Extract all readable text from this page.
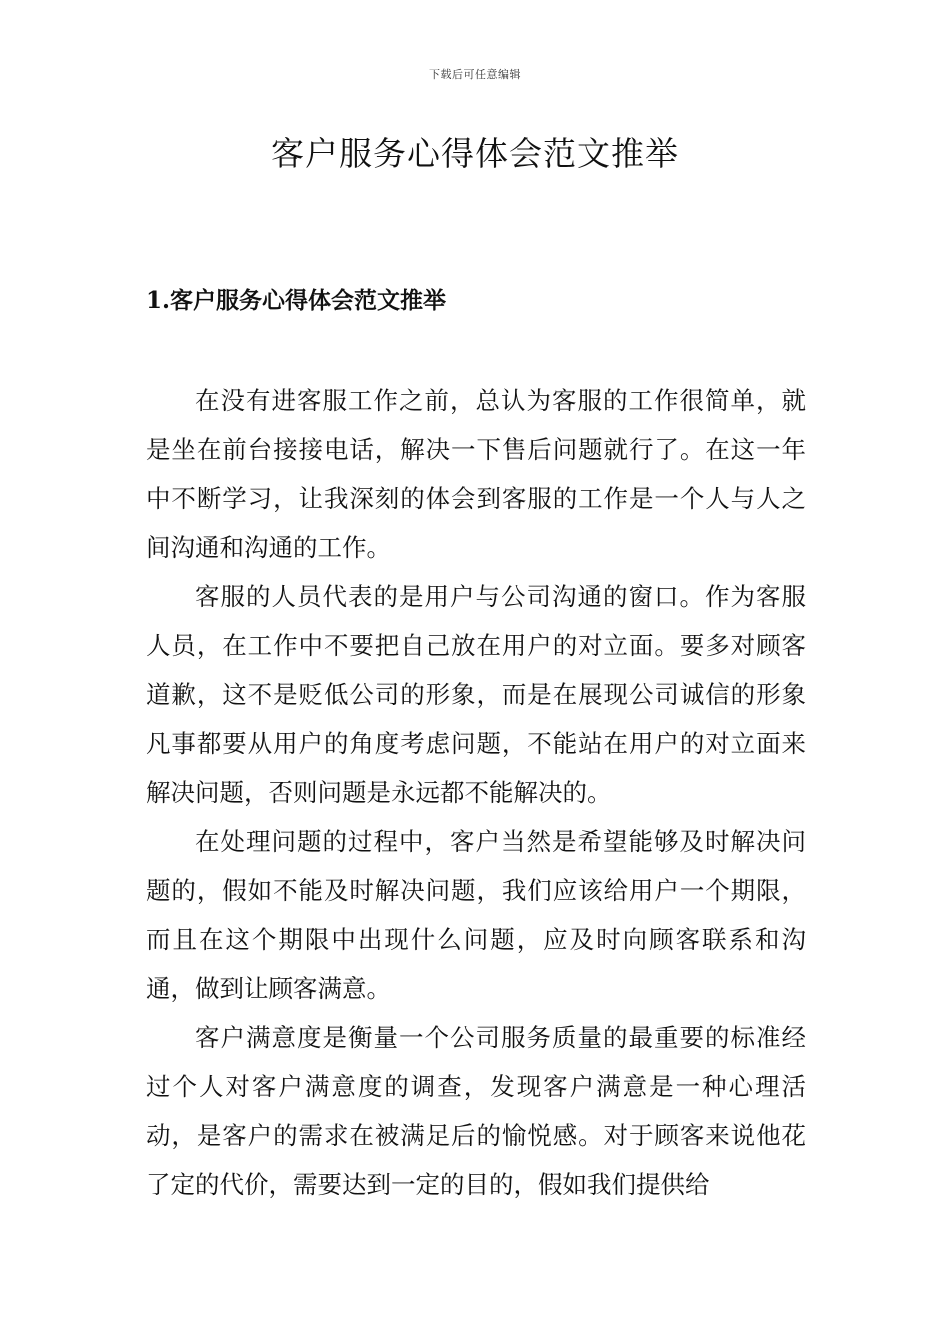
下载后可任意编辑
客户服务心得体会范文推举
1.客户服务心得体会范文推举

在没有进客服工作之前，总认为客服的工作很简单，就是坐在前台接接电话，解决一下售后问题就行了。在这一年中不断学习，让我深刻的体会到客服的工作是一个人与人之间沟通和沟通的工作。

客服的人员代表的是用户与公司沟通的窗口。作为客服人员，在工作中不要把自己放在用户的对立面。要多对顾客道歉，这不是贬低公司的形象，而是在展现公司诚信的形象凡事都要从用户的角度考虑问题，不能站在用户的对立面来解决问题，否则问题是永远都不能解决的。

在处理问题的过程中，客户当然是希望能够及时解决问题的，假如不能及时解决问题，我们应该给用户一个期限，而且在这个期限中出现什么问题，应及时向顾客联系和沟通，做到让顾客满意。

客户满意度是衡量一个公司服务质量的最重要的标准经过个人对客户满意度的调查，发现客户满意是一种心理活动，是客户的需求在被满足后的愉悦感。对于顾客来说他花了定的代价，需要达到一定的目的，假如我们提供给
